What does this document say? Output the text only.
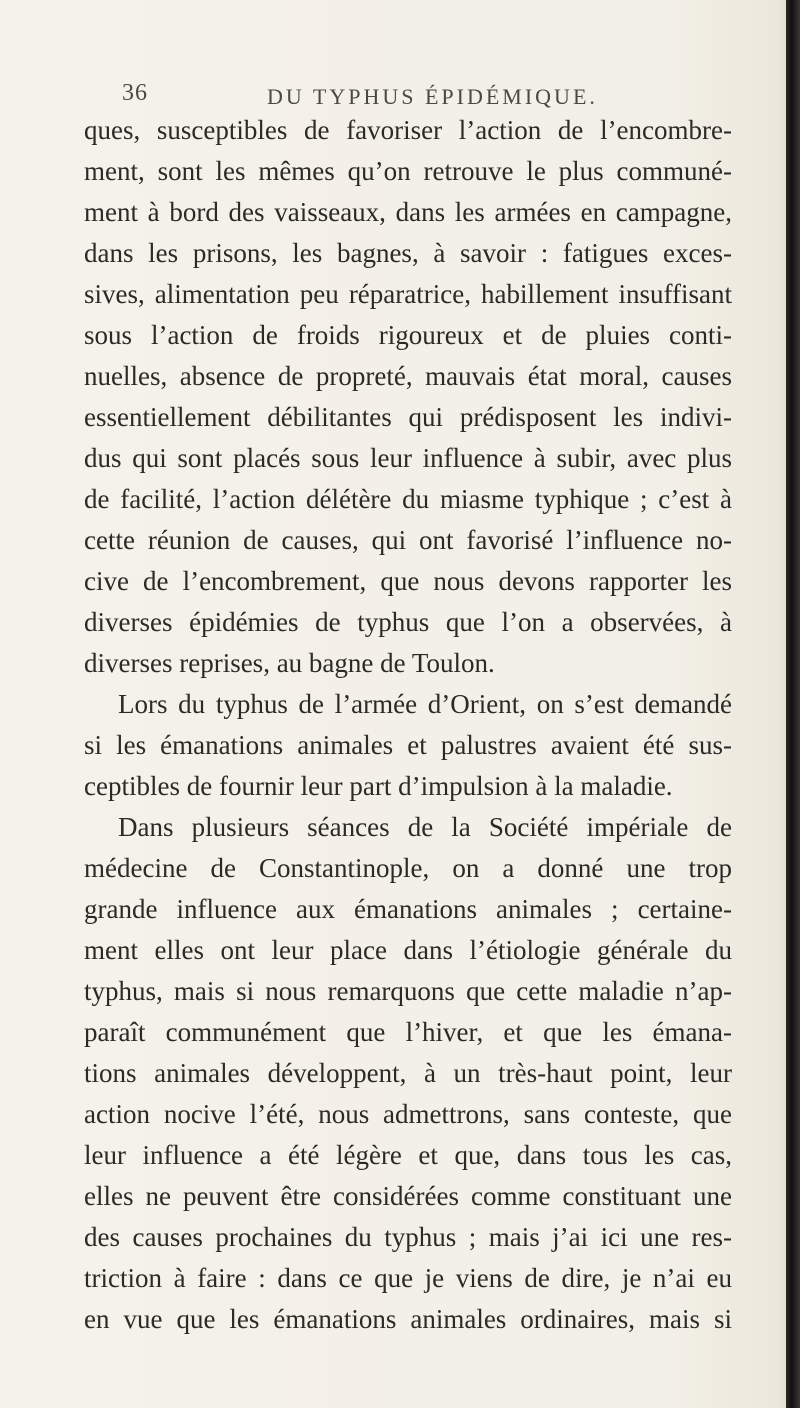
36	DU TYPHUS ÉPIDÉMIQUE.
ques, susceptibles de favoriser l’action de l’encombre-
ment, sont les mêmes qu’on retrouve le plus communé-
ment à bord des vaisseaux, dans les armées en campagne,
dans les prisons, les bagnes, à savoir : fatigues exces-
sives, alimentation peu réparatrice, habillement insuffisant
sous l’action de froids rigoureux et de pluies conti-
nuelles, absence de propreté, mauvais état moral, causes
essentiellement débilitantes qui prédisposent les indivi-
dus qui sont placés sous leur influence à subir, avec plus
de facilité, l’action délétère du miasme typhique ; c’est à
cette réunion de causes, qui ont favorisé l’influence no-
cive de l’encombrement, que nous devons rapporter les
diverses épidémies de typhus que l’on a observées, à
diverses reprises, au bagne de Toulon.
Lors du typhus de l’armée d’Orient, on s’est demandé
si les émanations animales et palustres avaient été sus-
ceptibles de fournir leur part d’impulsion à la maladie.
Dans plusieurs séances de la Société impériale de
médecine de Constantinople, on a donné une trop
grande influence aux émanations animales ; certaine-
ment elles ont leur place dans l’étiologie générale du
typhus, mais si nous remarquons que cette maladie n’ap-
paraît communément que l’hiver, et que les émana-
tions animales développent, à un très-haut point, leur
action nocive l’été, nous admettrons, sans conteste, que
leur influence a été légère et que, dans tous les cas,
elles ne peuvent être considérées comme constituant une
des causes prochaines du typhus ; mais j’ai ici une res-
triction à faire : dans ce que je viens de dire, je n’ai eu
en vue que les émanations animales ordinaires, mais si
